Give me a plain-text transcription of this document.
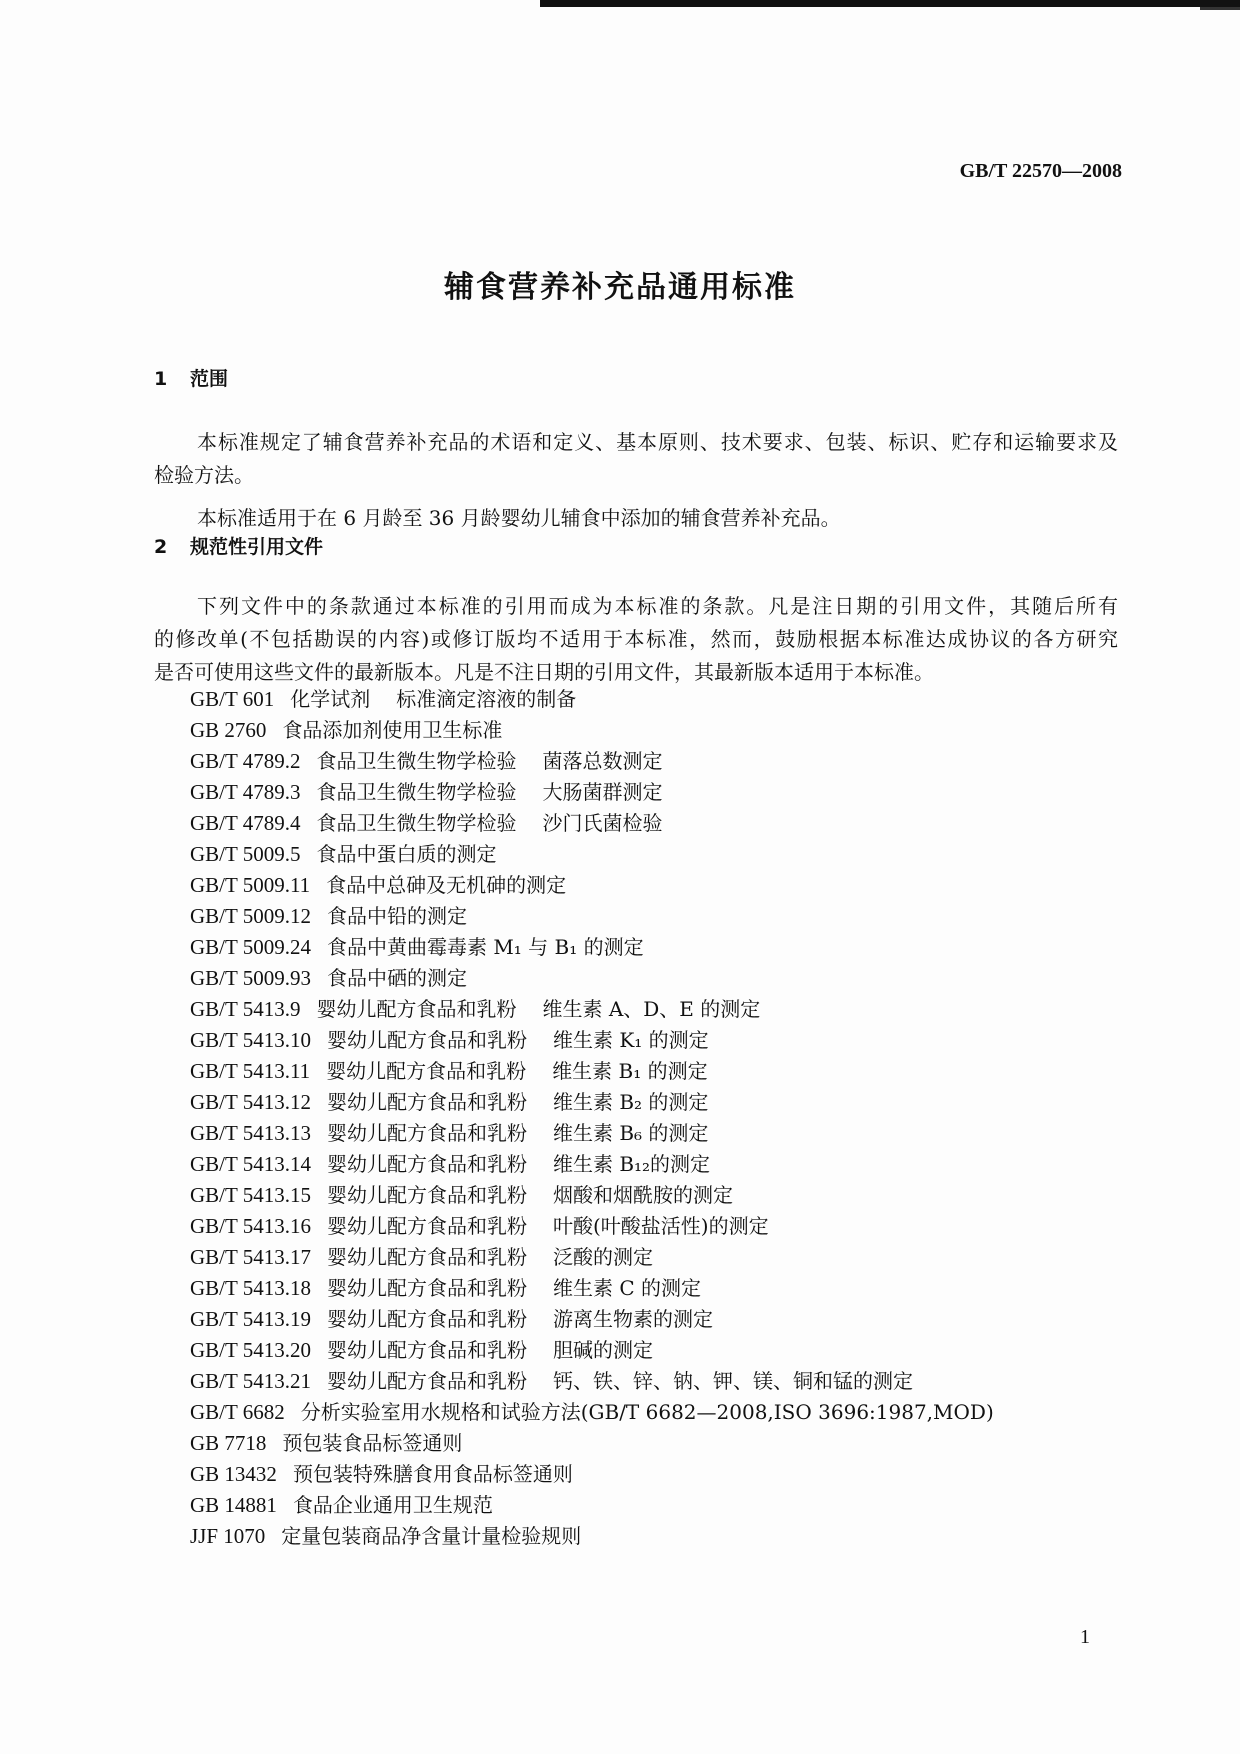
GB/T 22570—2008
辅食营养补充品通用标准
1 范围
本标准规定了辅食营养补充品的术语和定义、基本原则、技术要求、包装、标识、贮存和运输要求及
检验方法。
本标准适用于在 6 月龄至 36 月龄婴幼儿辅食中添加的辅食营养补充品。
2 规范性引用文件
下列文件中的条款通过本标准的引用而成为本标准的条款。凡是注日期的引用文件，其随后所有
的修改单(不包括勘误的内容)或修订版均不适用于本标准，然而，鼓励根据本标准达成协议的各方研究
是否可使用这些文件的最新版本。凡是不注日期的引用文件，其最新版本适用于本标准。
GB/T 601 化学试剂 标准滴定溶液的制备
GB 2760 食品添加剂使用卫生标准
GB/T 4789.2 食品卫生微生物学检验 菌落总数测定
GB/T 4789.3 食品卫生微生物学检验 大肠菌群测定
GB/T 4789.4 食品卫生微生物学检验 沙门氏菌检验
GB/T 5009.5 食品中蛋白质的测定
GB/T 5009.11 食品中总砷及无机砷的测定
GB/T 5009.12 食品中铅的测定
GB/T 5009.24 食品中黄曲霉毒素 M₁ 与 B₁ 的测定
GB/T 5009.93 食品中硒的测定
GB/T 5413.9 婴幼儿配方食品和乳粉 维生素 A、D、E 的测定
GB/T 5413.10 婴幼儿配方食品和乳粉 维生素 K₁ 的测定
GB/T 5413.11 婴幼儿配方食品和乳粉 维生素 B₁ 的测定
GB/T 5413.12 婴幼儿配方食品和乳粉 维生素 B₂ 的测定
GB/T 5413.13 婴幼儿配方食品和乳粉 维生素 B₆ 的测定
GB/T 5413.14 婴幼儿配方食品和乳粉 维生素 B₁₂的测定
GB/T 5413.15 婴幼儿配方食品和乳粉 烟酸和烟酰胺的测定
GB/T 5413.16 婴幼儿配方食品和乳粉 叶酸(叶酸盐活性)的测定
GB/T 5413.17 婴幼儿配方食品和乳粉 泛酸的测定
GB/T 5413.18 婴幼儿配方食品和乳粉 维生素 C 的测定
GB/T 5413.19 婴幼儿配方食品和乳粉 游离生物素的测定
GB/T 5413.20 婴幼儿配方食品和乳粉 胆碱的测定
GB/T 5413.21 婴幼儿配方食品和乳粉 钙、铁、锌、钠、钾、镁、铜和锰的测定
GB/T 6682 分析实验室用水规格和试验方法(GB/T 6682—2008,ISO 3696:1987,MOD)
GB 7718 预包装食品标签通则
GB 13432 预包装特殊膳食用食品标签通则
GB 14881 食品企业通用卫生规范
JJF 1070 定量包装商品净含量计量检验规则
1
